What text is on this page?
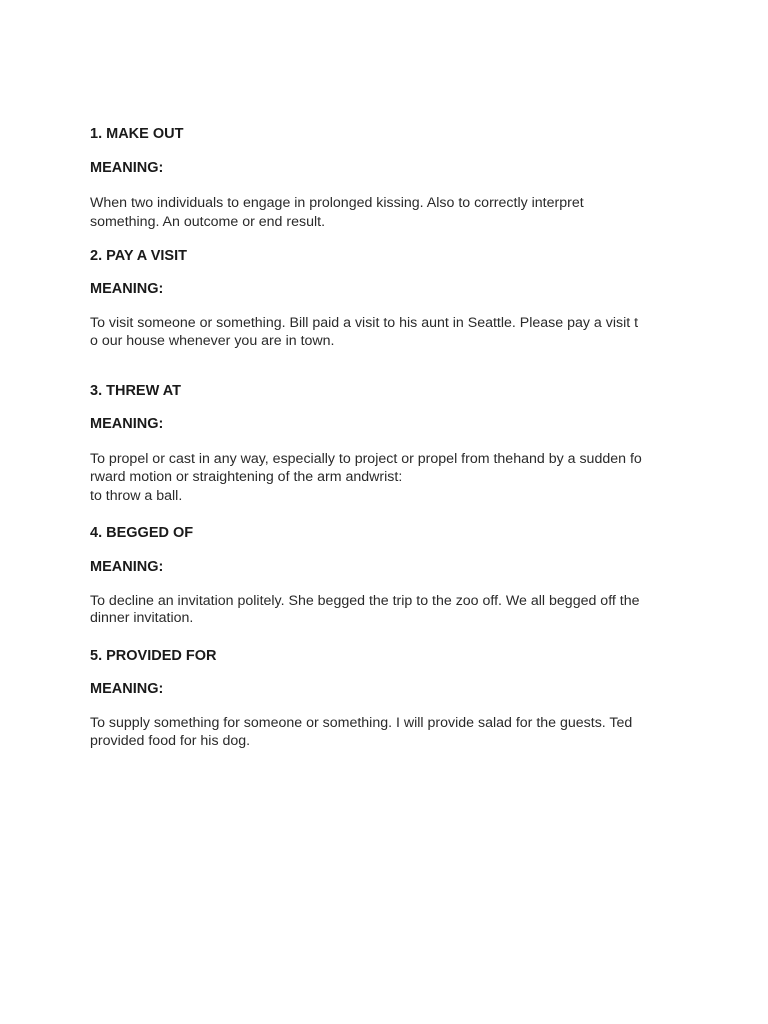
1. MAKE OUT

MEANING:

When two individuals to engage in prolonged kissing. Also to correctly interpret

something. An outcome or end result.

2. PAY A VISIT

MEANING:

To visit someone or something. Bill paid a visit to his aunt in Seattle. Please pay a visit t

o our house whenever you are in town.

3. THREW AT

MEANING:

To propel or cast in any way, especially to project or propel from thehand by a sudden fo

rward motion or straightening of the arm andwrist:

to throw a ball.

4. BEGGED OF

MEANING:

To decline an invitation politely. She begged the trip to the zoo off. We all begged off the

dinner invitation.

5. PROVIDED FOR

MEANING:

To supply something for someone or something. I will provide salad for the guests. Ted

provided food for his dog.
